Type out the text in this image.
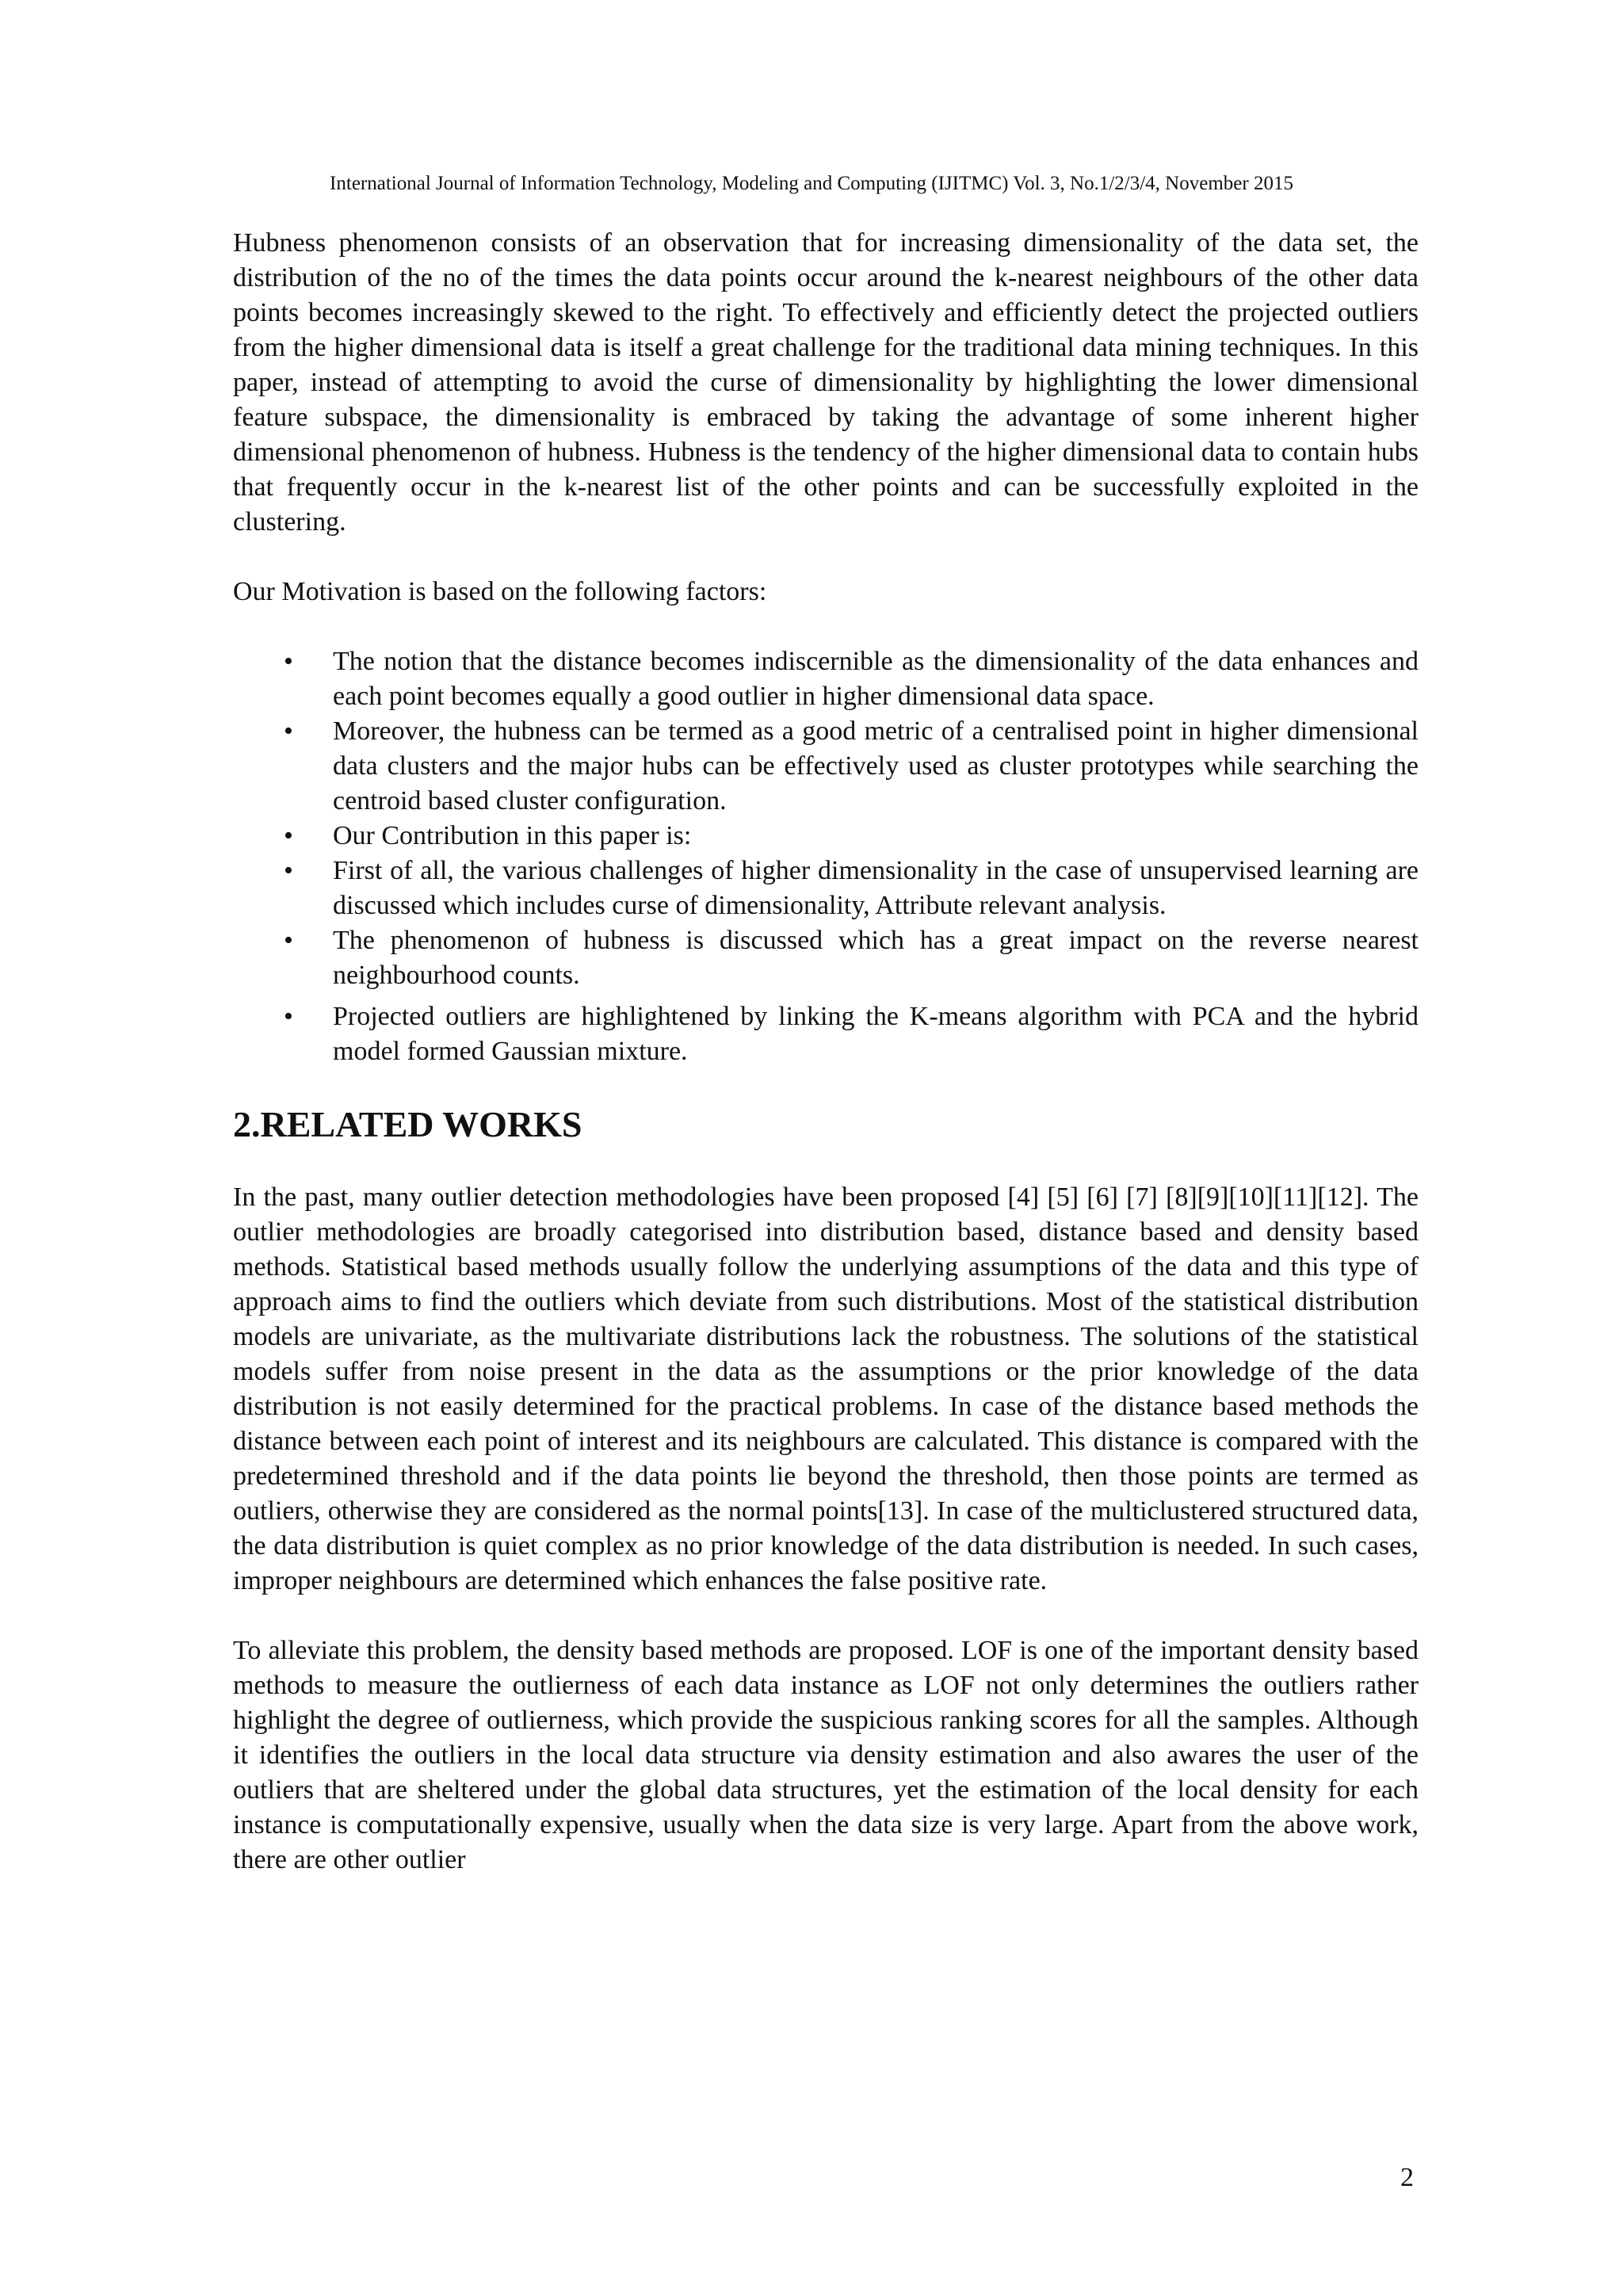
International Journal of Information Technology, Modeling and Computing (IJITMC) Vol. 3, No.1/2/3/4, November 2015

Hubness phenomenon consists of an observation that for increasing dimensionality of the data set, the distribution of the no of the times the data points occur around the k-nearest neighbours of the other data points becomes increasingly skewed to the right. To effectively and efficiently detect the projected outliers from the higher dimensional data is itself a great challenge for the traditional data mining techniques. In this paper, instead of attempting to avoid the curse of dimensionality by highlighting the lower dimensional feature subspace, the dimensionality is embraced by taking the advantage of some inherent higher dimensional phenomenon of hubness. Hubness is the tendency of the higher dimensional data to contain hubs that frequently occur in the k-nearest list of the other points and can be successfully exploited in the clustering.

Our Motivation is based on the following factors:

• The notion that the distance becomes indiscernible as the dimensionality of the data enhances and each point becomes equally a good outlier in higher dimensional data space.
• Moreover, the hubness can be termed as a good metric of a centralised point in higher dimensional data clusters and the major hubs can be effectively used as cluster prototypes while searching the centroid based cluster configuration.
• Our Contribution in this paper is:
• First of all, the various challenges of higher dimensionality in the case of unsupervised learning are discussed which includes curse of dimensionality, Attribute relevant analysis.
• The phenomenon of hubness is discussed which has a great impact on the reverse nearest neighbourhood counts.
• Projected outliers are highlightened by linking the K-means algorithm with PCA and the hybrid model formed Gaussian mixture.
2.RELATED WORKS

In the past, many outlier detection methodologies have been proposed [4] [5] [6] [7] [8][9][10][11][12]. The outlier methodologies are broadly categorised into distribution based, distance based and density based methods. Statistical based methods usually follow the underlying assumptions of the data and this type of approach aims to find the outliers which deviate from such distributions. Most of the statistical distribution models are univariate, as the multivariate distributions lack the robustness. The solutions of the statistical models suffer from noise present in the data as the assumptions or the prior knowledge of the data distribution is not easily determined for the practical problems. In case of the distance based methods the distance between each point of interest and its neighbours are calculated. This distance is compared with the predetermined threshold and if the data points lie beyond the threshold, then those points are termed as outliers, otherwise they are considered as the normal points[13]. In case of the multiclustered structured data, the data distribution is quiet complex as no prior knowledge of the data distribution is needed. In such cases, improper neighbours are determined which enhances the false positive rate.

To alleviate this problem, the density based methods are proposed. LOF is one of the important density based methods to measure the outlierness of each data instance as LOF not only determines the outliers rather highlight the degree of outlierness, which provide the suspicious ranking scores for all the samples. Although it identifies the outliers in the local data structure via density estimation and also awares the user of the outliers that are sheltered under the global data structures, yet the estimation of the local density for each instance is computationally expensive, usually when the data size is very large. Apart from the above work, there are other outlier

2
